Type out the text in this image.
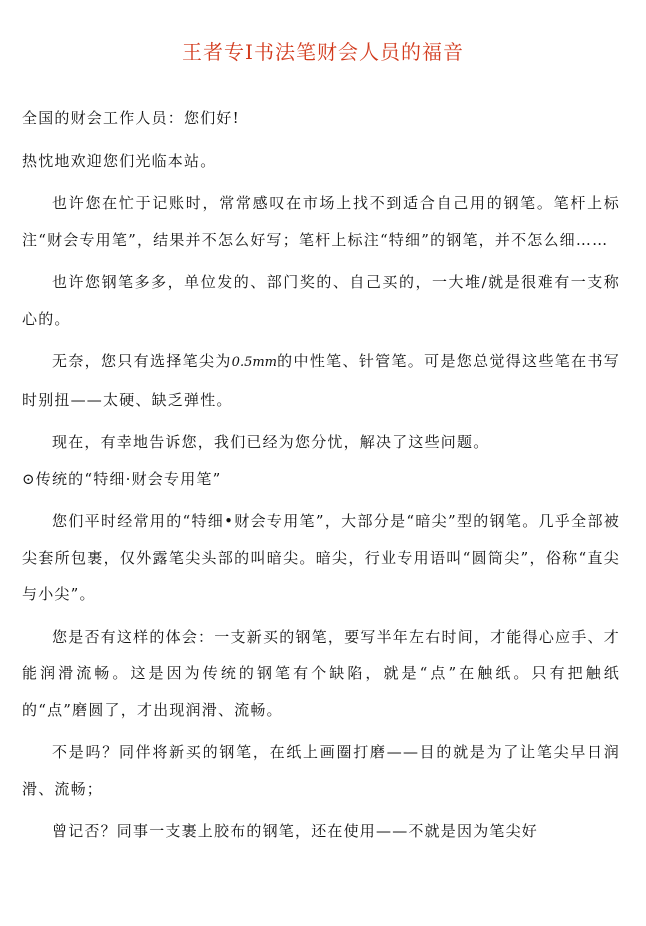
王者专Ⅰ书法笔财会人员的福音

全国的财会工作人员：您们好!

热忱地欢迎您们光临本站。

也许您在忙于记账时，常常感叹在市场上找不到适合自己用的钢笔。笔杆上标注“财会专用笔”，结果并不怎么好写；笔杆上标注“特细”的钢笔，并不怎么细……

也许您钢笔多多，单位发的、部门奖的、自己买的，一大堆/就是很难有一支称心的。

无奈，您只有选择笔尖为0.5mm的中性笔、针管笔。可是您总觉得这些笔在书写时别扭——太硬、缺乏弹性。

现在，有幸地告诉您，我们已经为您分忧，解决了这些问题。

⊙传统的“特细·财会专用笔”

您们平时经常用的“特细•财会专用笔”，大部分是“暗尖”型的钢笔。几乎全部被尖套所包裹，仅外露笔尖头部的叫暗尖。暗尖，行业专用语叫“圆筒尖”，俗称“直尖与小尖”。

您是否有这样的体会：一支新买的钢笔，要写半年左右时间，才能得心应手、才能润滑流畅。这是因为传统的钢笔有个缺陷，就是“点”在触纸。只有把触纸的“点”磨圆了，才出现润滑、流畅。

不是吗？同伴将新买的钢笔，在纸上画圈打磨——目的就是为了让笔尖早日润滑、流畅；

曾记否？同事一支裹上胶布的钢笔，还在使用——不就是因为笔尖好
